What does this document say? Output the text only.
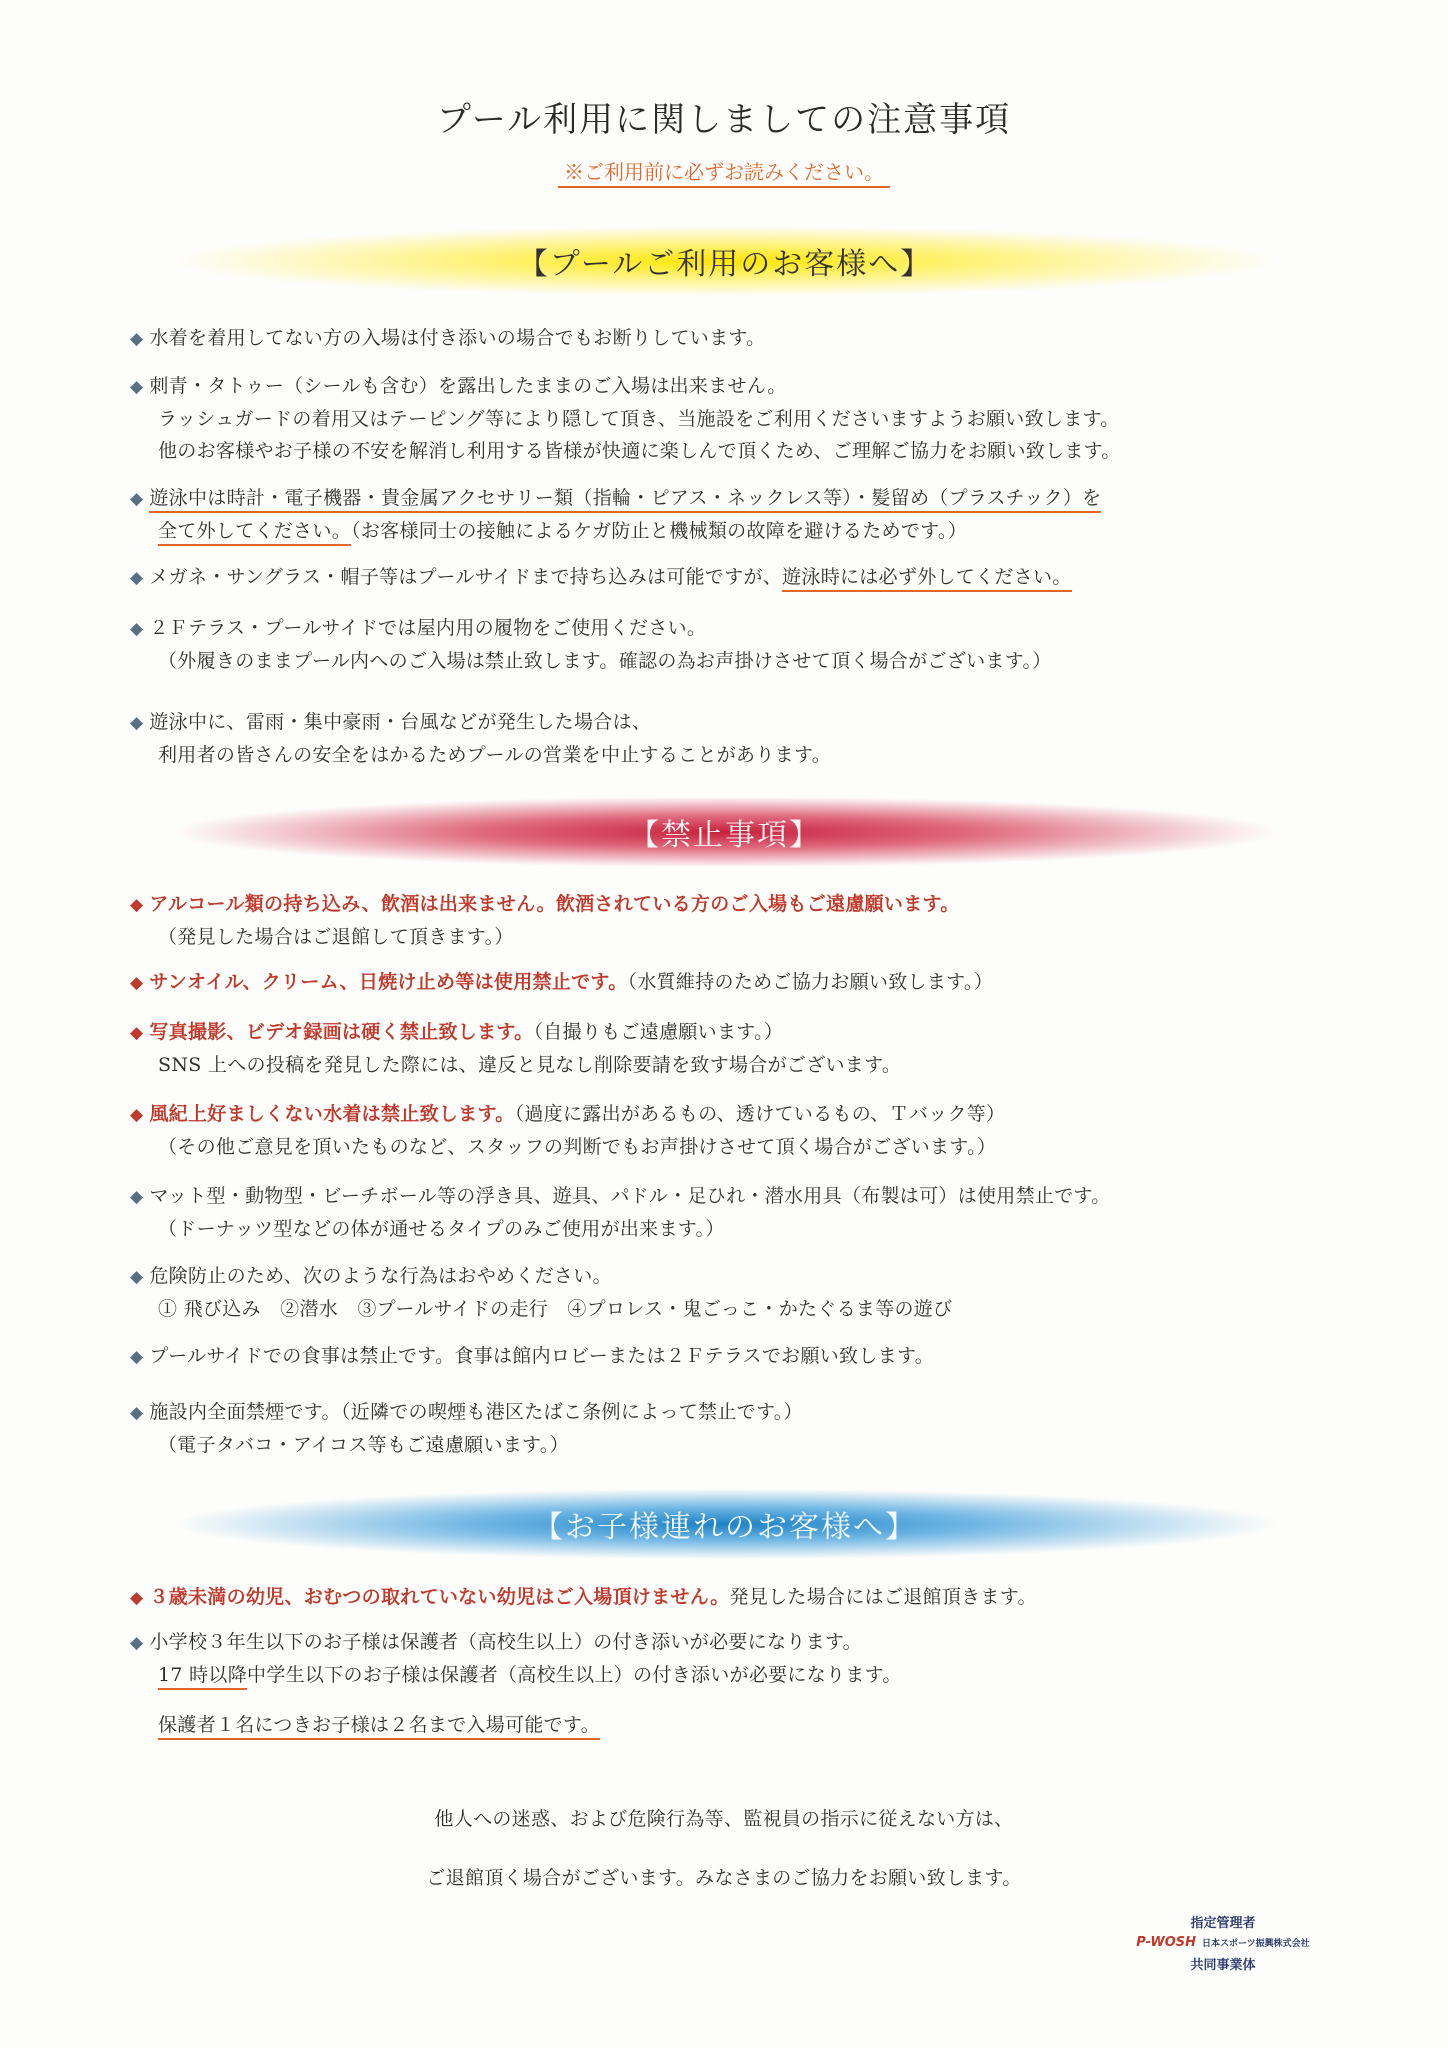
プール利用に関しましての注意事項
※ご利用前に必ずお読みください。
【プールご利用のお客様へ】
◆ 水着を着用してない方の入場は付き添いの場合でもお断りしています。
◆ 刺青・タトゥー（シールも含む）を露出したままのご入場は出来ません。
ラッシュガードの着用又はテーピング等により隠して頂き、当施設をご利用くださいますようお願い致します。
他のお客様やお子様の不安を解消し利用する皆様が快適に楽しんで頂くため、ご理解ご協力をお願い致します。
◆ 遊泳中は時計・電子機器・貴金属アクセサリー類（指輪・ピアス・ネックレス等）・髪留め（プラスチック）を
全て外してください。（お客様同士の接触によるケガ防止と機械類の故障を避けるためです。）
◆ メガネ・サングラス・帽子等はプールサイドまで持ち込みは可能ですが、遊泳時には必ず外してください。
◆ ２Ｆテラス・プールサイドでは屋内用の履物をご使用ください。
（外履きのままプール内へのご入場は禁止致します。確認の為お声掛けさせて頂く場合がございます。）
◆ 遊泳中に、雷雨・集中豪雨・台風などが発生した場合は、
利用者の皆さんの安全をはかるためプールの営業を中止することがあります。
【禁止事項】
◆ アルコール類の持ち込み、飲酒は出来ません。飲酒されている方のご入場もご遠慮願います。
（発見した場合はご退館して頂きます。）
◆ サンオイル、クリーム、日焼け止め等は使用禁止です。（水質維持のためご協力お願い致します。）
◆ 写真撮影、ビデオ録画は硬く禁止致します。（自撮りもご遠慮願います。）
SNS 上への投稿を発見した際には、違反と見なし削除要請を致す場合がございます。
◆ 風紀上好ましくない水着は禁止致します。（過度に露出があるもの、透けているもの、Ｔバック等）
（その他ご意見を頂いたものなど、スタッフの判断でもお声掛けさせて頂く場合がございます。）
◆ マット型・動物型・ビーチボール等の浮き具、遊具、パドル・足ひれ・潜水用具（布製は可）は使用禁止です。
（ドーナッツ型などの体が通せるタイプのみご使用が出来ます。）
◆ 危険防止のため、次のような行為はおやめください。
① 飛び込み　②潜水　③プールサイドの走行　④プロレス・鬼ごっこ・かたぐるま等の遊び
◆ プールサイドでの食事は禁止です。食事は館内ロビーまたは２Ｆテラスでお願い致します。
◆ 施設内全面禁煙です。（近隣での喫煙も港区たばこ条例によって禁止です。）
（電子タバコ・アイコス等もご遠慮願います。）
【お子様連れのお客様へ】
◆ ３歳未満の幼児、おむつの取れていない幼児はご入場頂けません。発見した場合にはご退館頂きます。
◆ 小学校３年生以下のお子様は保護者（高校生以上）の付き添いが必要になります。
17 時以降中学生以下のお子様は保護者（高校生以上）の付き添いが必要になります。
保護者１名につきお子様は２名まで入場可能です。
他人への迷惑、および危険行為等、監視員の指示に従えない方は、
ご退館頂く場合がございます。みなさまのご協力をお願い致します。
指定管理者
P-WOSH 日本スポーツ振興株式会社
共同事業体
